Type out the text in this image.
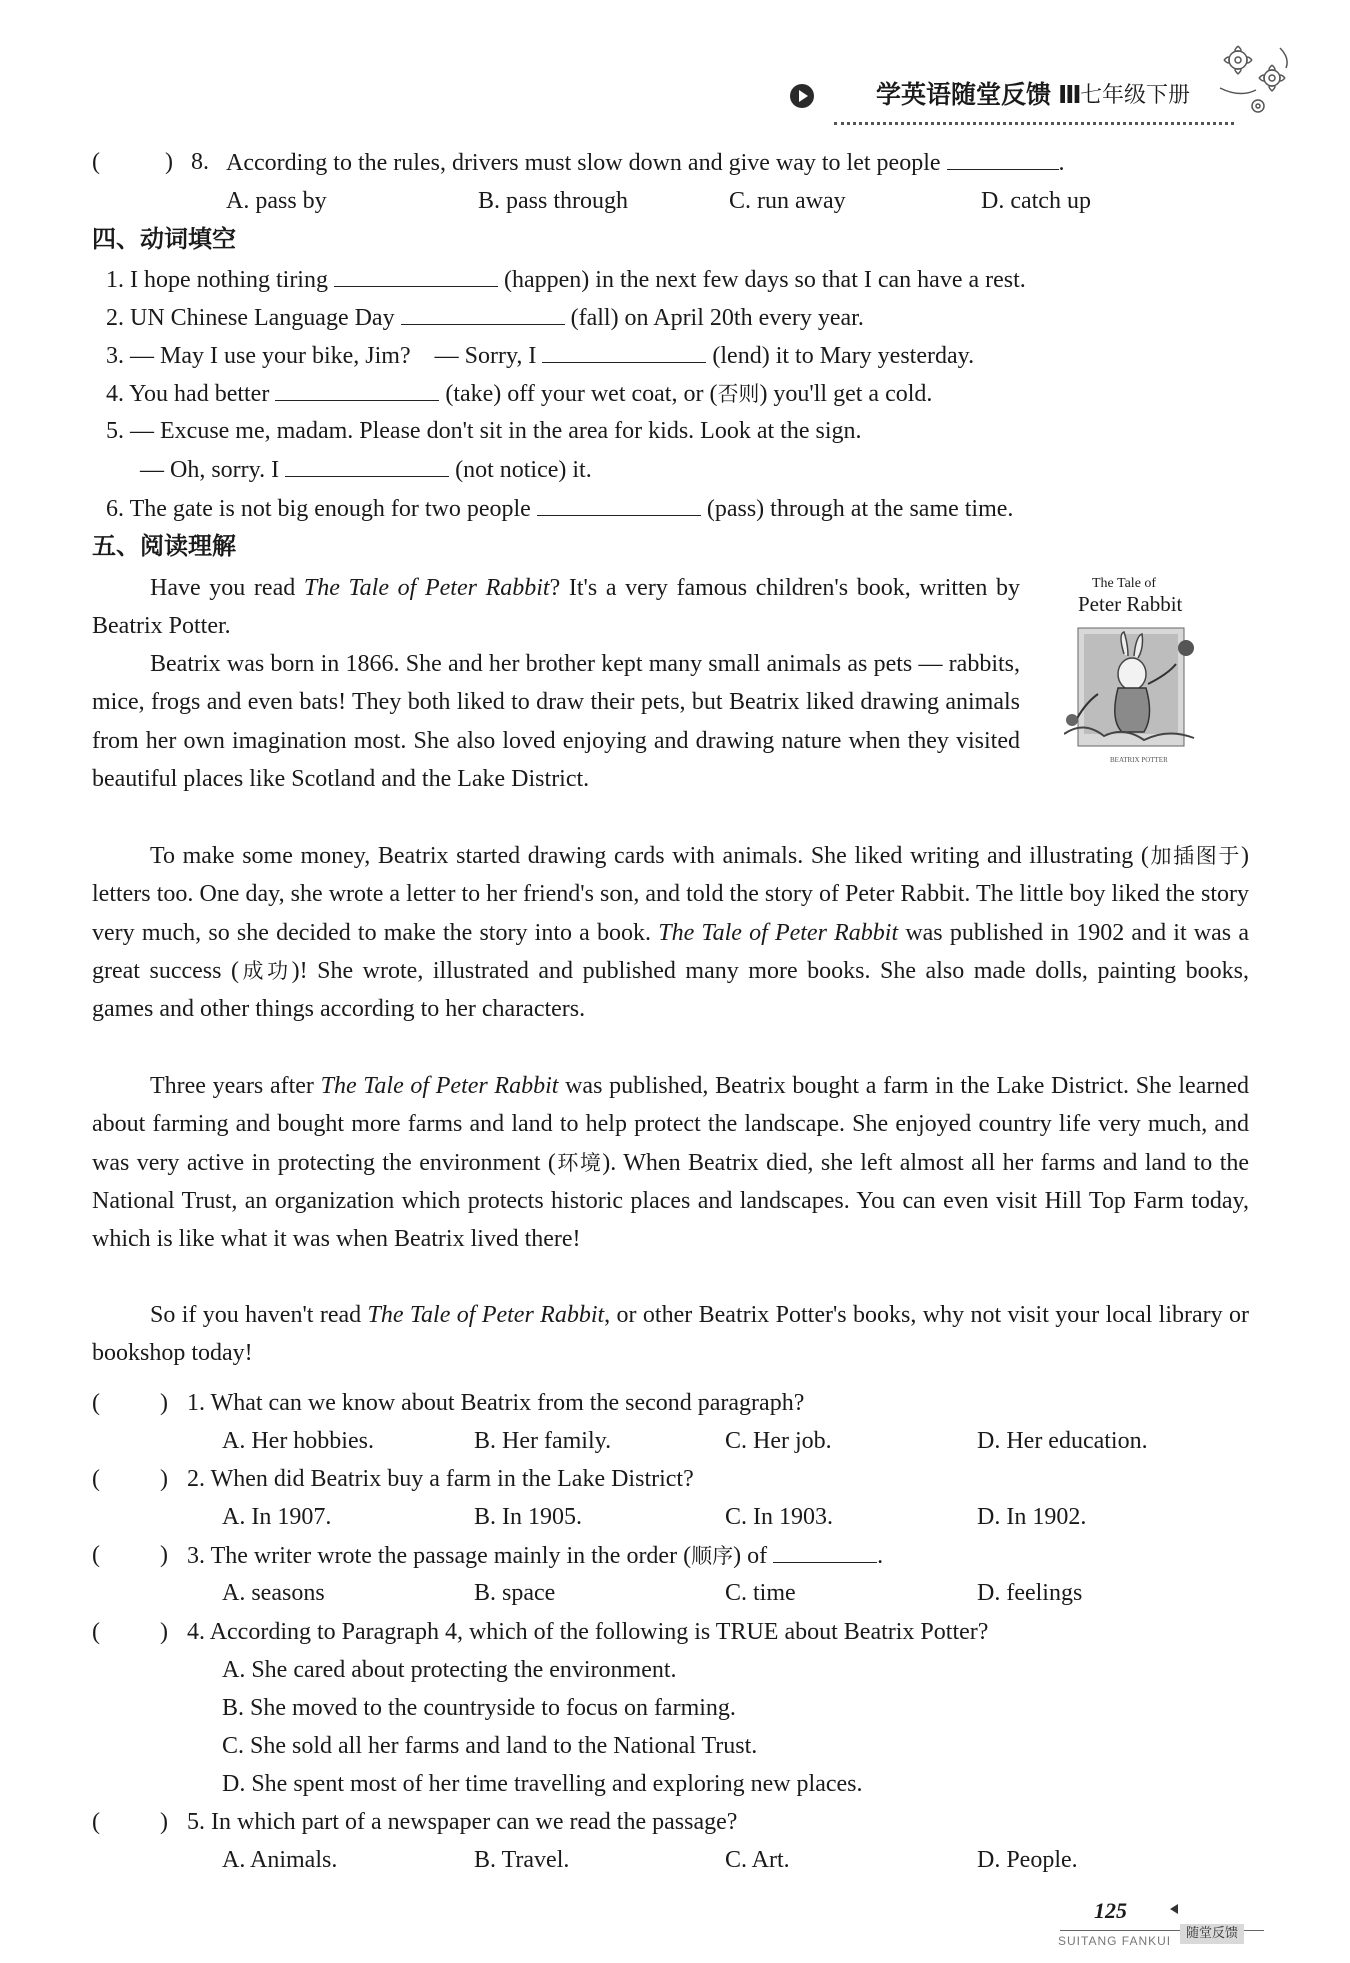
学英语随堂反馈 Ⅲ
七年级下册
(	) 8. According to the rules, drivers must slow down and give way to let people	.
A. pass by	B. pass through	C. run away	D. catch up
四、动词填空
1. I hope nothing tiring	(happen) in the next few days so that I can have a rest.
2. UN Chinese Language Day	(fall) on April 20th every year.
3. — May I use your bike, Jim?　— Sorry, I	(lend) it to Mary yesterday.
4. You had better	(take) off your wet coat, or (否则) you'll get a cold.
5. — Excuse me, madam. Please don't sit in the area for kids. Look at the sign.
— Oh, sorry. I	(not notice) it.
6. The gate is not big enough for two people	(pass) through at the same time.
五、阅读理解
The Tale of
Peter Rabbit
BEATRIX POTTER
Have you read The Tale of Peter Rabbit? It's a very famous children's book, written by Beatrix Potter.
Beatrix was born in 1866. She and her brother kept many small animals as pets — rabbits, mice, frogs and even bats! They both liked to draw their pets, but Beatrix liked drawing animals from her own imagination most. She also loved enjoying and drawing nature when they visited beautiful places like Scotland and the Lake District.
To make some money, Beatrix started drawing cards with animals. She liked writing and illustrating (加插图于) letters too. One day, she wrote a letter to her friend's son, and told the story of Peter Rabbit. The little boy liked the story very much, so she decided to make the story into a book. The Tale of Peter Rabbit was published in 1902 and it was a great success (成功)! She wrote, illustrated and published many more books. She also made dolls, painting books, games and other things according to her characters.
Three years after The Tale of Peter Rabbit was published, Beatrix bought a farm in the Lake District. She learned about farming and bought more farms and land to help protect the landscape. She enjoyed country life very much, and was very active in protecting the environment (环境). When Beatrix died, she left almost all her farms and land to the National Trust, an organization which protects historic places and landscapes. You can even visit Hill Top Farm today, which is like what it was when Beatrix lived there!
So if you haven't read The Tale of Peter Rabbit, or other Beatrix Potter's books, why not visit your local library or bookshop today!
(	) 1. What can we know about Beatrix from the second paragraph?
A. Her hobbies.	B. Her family.	C. Her job.	D. Her education.
(	) 2. When did Beatrix buy a farm in the Lake District?
A. In 1907.	B. In 1905.	C. In 1903.	D. In 1902.
(	) 3. The writer wrote the passage mainly in the order (顺序) of	.
A. seasons	B. space	C. time	D. feelings
(	) 4. According to Paragraph 4, which of the following is TRUE about Beatrix Potter?
A. She cared about protecting the environment.
B. She moved to the countryside to focus on farming.
C. She sold all her farms and land to the National Trust.
D. She spent most of her time travelling and exploring new places.
(	) 5. In which part of a newspaper can we read the passage?
A. Animals.	B. Travel.	C. Art.	D. People.
125
SUITANG FANKUI	随堂反馈
